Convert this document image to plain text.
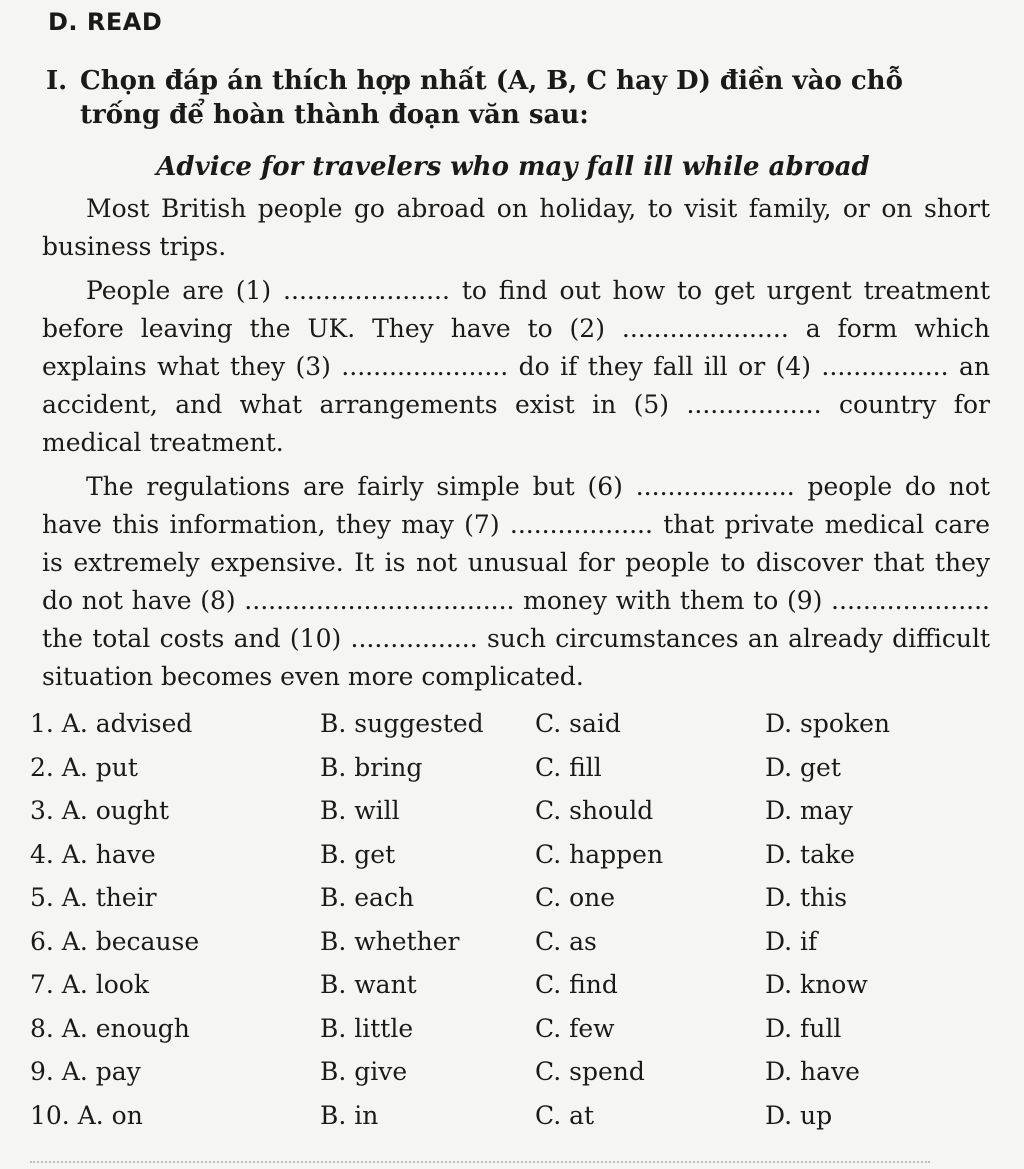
D. READ
I. Chọn đáp án thích hợp nhất (A, B, C hay D) điền vào chỗ trống để hoàn thành đoạn văn sau:
Advice for travelers who may fall ill while abroad

Most British people go abroad on holiday, to visit family, or on short business trips.

People are (1) ..................... to find out how to get urgent treatment before leaving the UK. They have to (2) ..................... a form which explains what they (3) ..................... do if they fall ill or (4) ................ an accident, and what arrangements exist in (5) ................. country for medical treatment.

The regulations are fairly simple but (6) .................... people do not have this information, they may (7) .................. that private medical care is extremely expensive. It is not unusual for people to discover that they do not have (8) .................................. money with them to (9) .................... the total costs and (10) ................ such circumstances an already difficult situation becomes even more complicated.

1. A. advised	B. suggested	C. said	D. spoken
2. A. put	B. bring	C. fill	D. get
3. A. ought	B. will	C. should	D. may
4. A. have	B. get	C. happen	D. take
5. A. their	B. each	C. one	D. this
6. A. because	B. whether	C. as	D. if
7. A. look	B. want	C. find	D. know
8. A. enough	B. little	C. few	D. full
9. A. pay	B. give	C. spend	D. have
10. A. on	B. in	C. at	D. up
